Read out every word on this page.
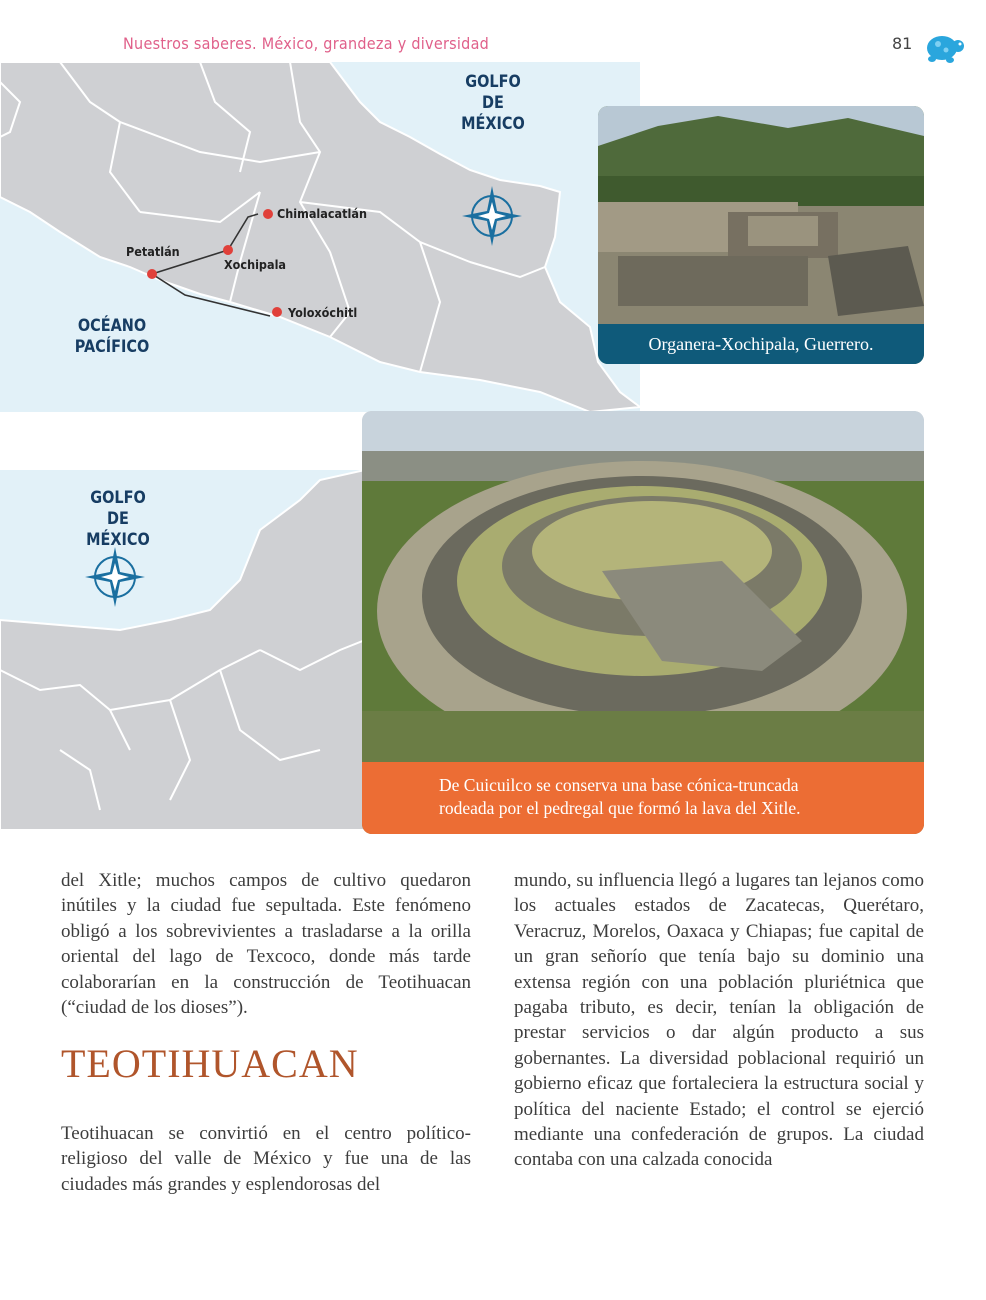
Nuestros saberes. México, grandeza y diversidad	81
GOLFO
DE MÉXICO
OCÉANO
PACÍFICO
Chimalacatlán
Petatlán
Xochipala
Yoloxóchitl
GOLFO
DE MÉXICO
Organera-Xochipala, Guerrero.
De Cuicuilco se conserva una base cónica-truncada
rodeada por el pedregal que formó la lava del Xitle.

del Xitle; muchos campos de cultivo quedaron inútiles y la ciudad fue sepultada. Este fenómeno obligó a los sobrevivientes a trasladarse a la orilla oriental del lago de Texcoco, donde más tarde colaborarían en la construcción de Teotihuacan (“ciudad de los dioses”).

TEOTIHUACAN

Teotihuacan se convirtió en el centro político-religioso del valle de México y fue una de las ciudades más grandes y esplendorosas del

mundo, su influencia llegó a lugares tan lejanos como los actuales estados de Zacatecas, Querétaro, Veracruz, Morelos, Oaxaca y Chiapas; fue capital de un gran señorío que tenía bajo su dominio una extensa región con una población pluriétnica que pagaba tributo, es decir, tenían la obligación de prestar servicios o dar algún producto a sus gobernantes. La diversidad poblacional requirió un gobierno eficaz que fortaleciera la estructura social y política del naciente Estado; el control se ejerció mediante una confederación de grupos. La ciudad contaba con una calzada conocida
